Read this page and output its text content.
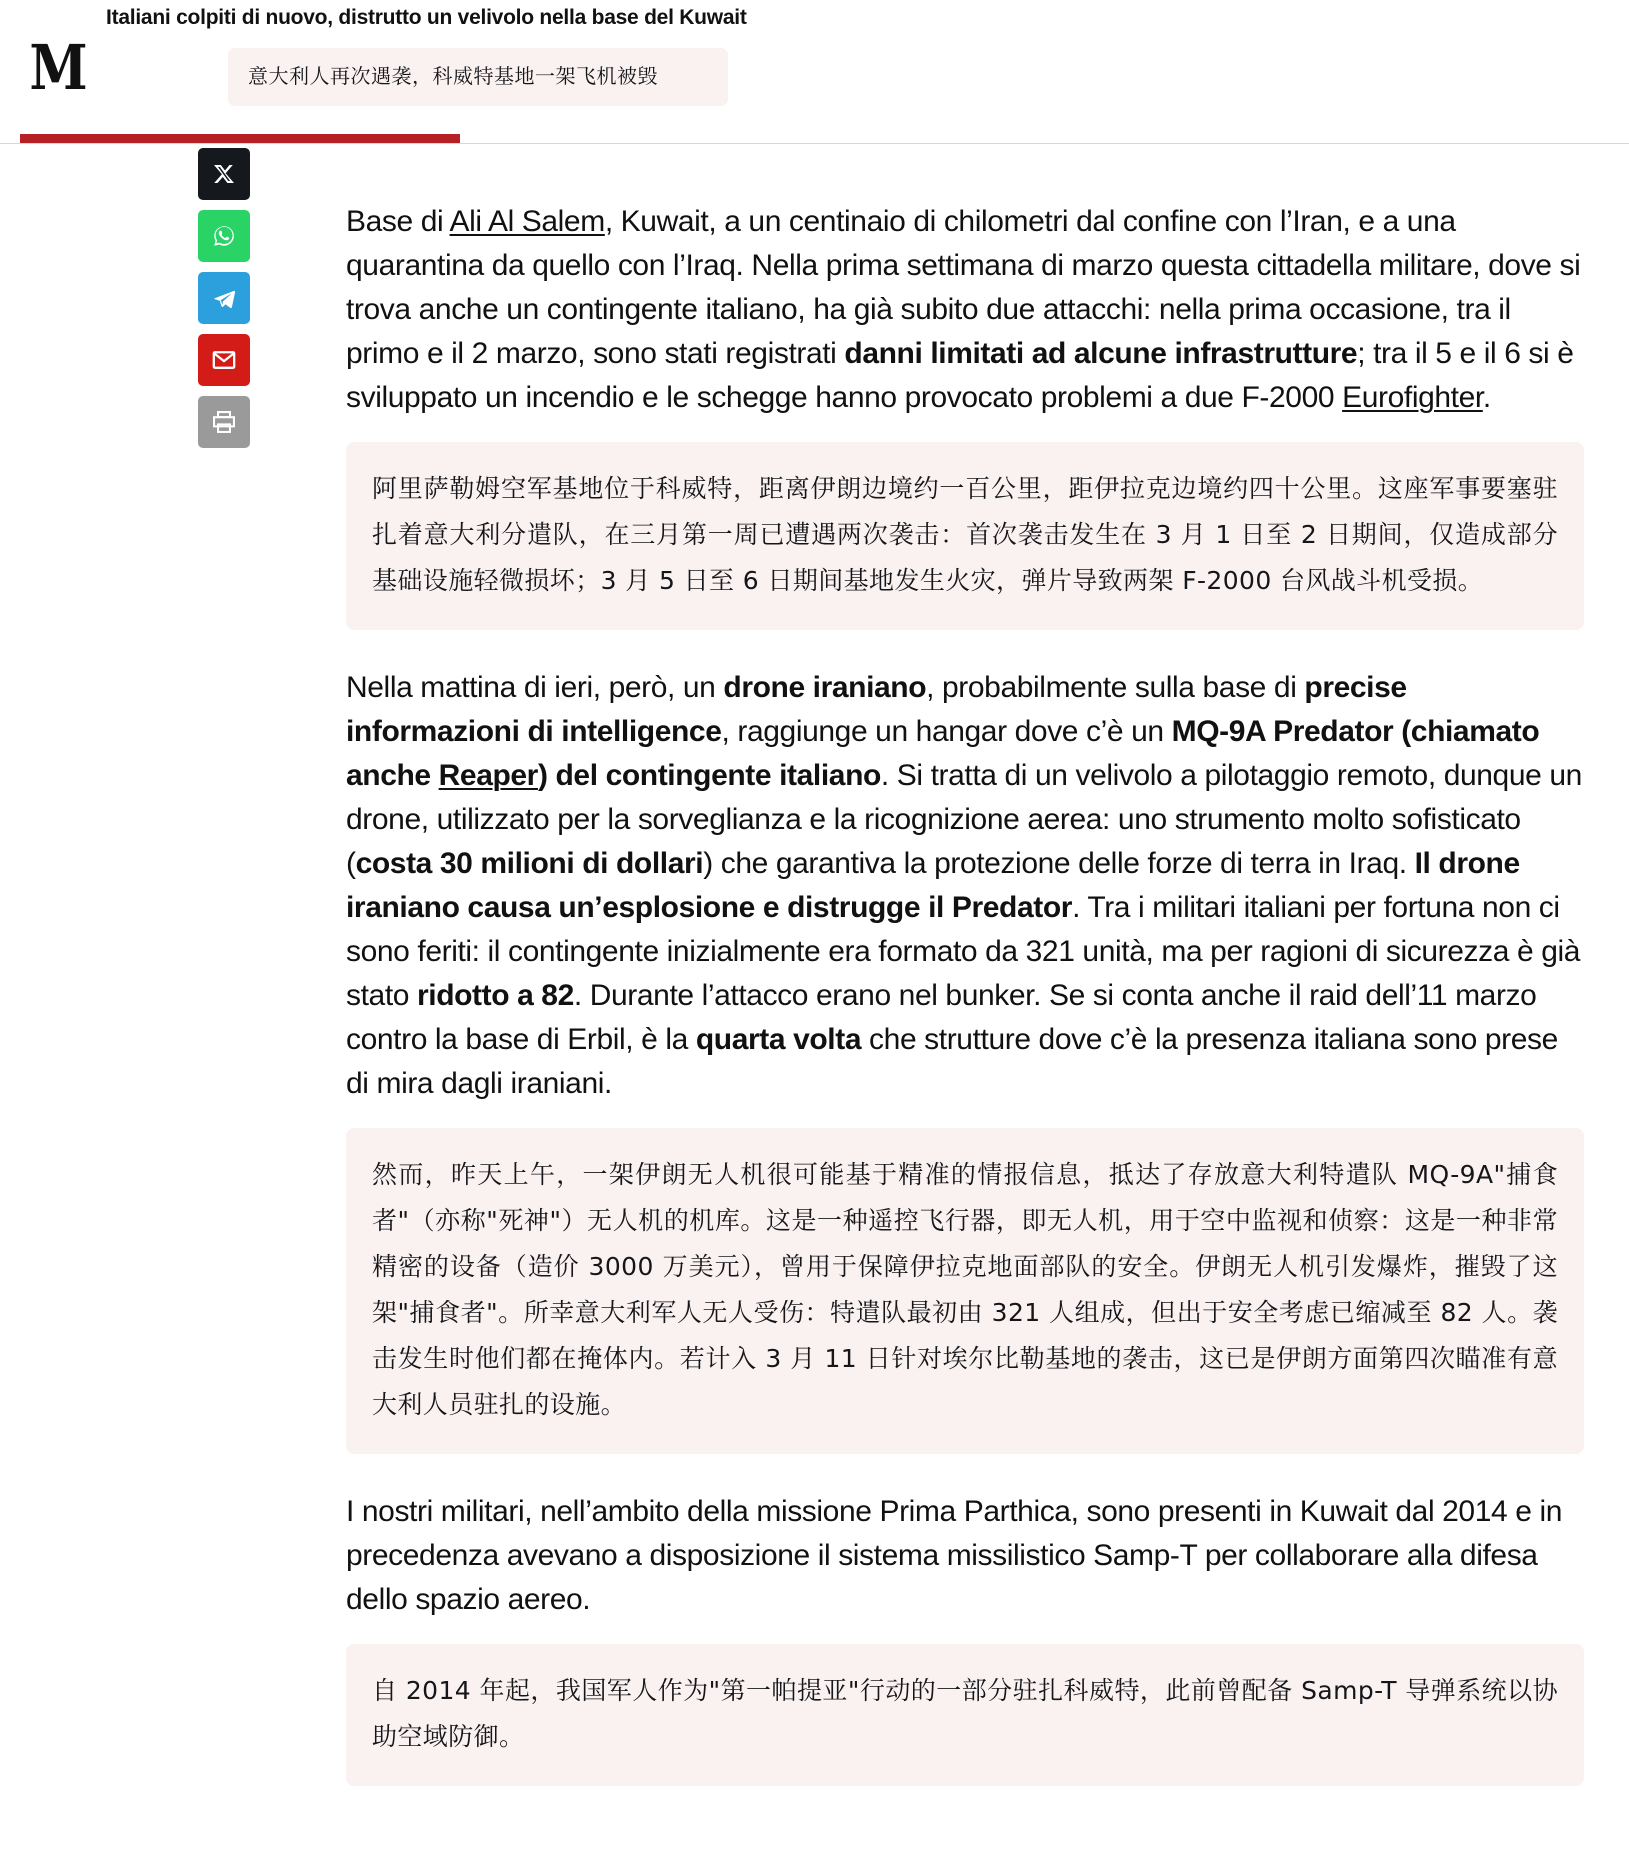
M
Italiani colpiti di nuovo, distrutto un velivolo nella base del Kuwait
意大利人再次遇袭，科威特基地一架飞机被毁

Base di Ali Al Salem, Kuwait, a un centinaio di chilometri dal confine con l’Iran, e a una quarantina da quello con l’Iraq. Nella prima settimana di marzo questa cittadella militare, dove si trova anche un contingente italiano, ha già subito due attacchi: nella prima occasione, tra il primo e il 2 marzo, sono stati registrati danni limitati ad alcune infrastrutture; tra il 5 e il 6 si è sviluppato un incendio e le schegge hanno provocato problemi a due F-2000 Eurofighter.

阿里萨勒姆空军基地位于科威特，距离伊朗边境约一百公里，距伊拉克边境约四十公里。这座军事要塞驻扎着意大利分遣队，在三月第一周已遭遇两次袭击：首次袭击发生在 3 月 1 日至 2 日期间，仅造成部分基础设施轻微损坏；3 月 5 日至 6 日期间基地发生火灾，弹片导致两架 F-2000 台风战斗机受损。

Nella mattina di ieri, però, un drone iraniano, probabilmente sulla base di precise informazioni di intelligence, raggiunge un hangar dove c’è un MQ-9A Predator (chiamato anche Reaper) del contingente italiano. Si tratta di un velivolo a pilotaggio remoto, dunque un drone, utilizzato per la sorveglianza e la ricognizione aerea: uno strumento molto sofisticato (costa 30 milioni di dollari) che garantiva la protezione delle forze di terra in Iraq. Il drone iraniano causa un’esplosione e distrugge il Predator. Tra i militari italiani per fortuna non ci sono feriti: il contingente inizialmente era formato da 321 unità, ma per ragioni di sicurezza è già stato ridotto a 82. Durante l’attacco erano nel bunker. Se si conta anche il raid dell’11 marzo contro la base di Erbil, è la quarta volta che strutture dove c’è la presenza italiana sono prese di mira dagli iraniani.

然而，昨天上午，一架伊朗无人机很可能基于精准的情报信息，抵达了存放意大利特遣队 MQ-9A"捕食者"（亦称"死神"）无人机的机库。这是一种遥控飞行器，即无人机，用于空中监视和侦察：这是一种非常精密的设备（造价 3000 万美元），曾用于保障伊拉克地面部队的安全。伊朗无人机引发爆炸，摧毁了这架"捕食者"。所幸意大利军人无人受伤：特遣队最初由 321 人组成，但出于安全考虑已缩减至 82 人。袭击发生时他们都在掩体内。若计入 3 月 11 日针对埃尔比勒基地的袭击，这已是伊朗方面第四次瞄准有意大利人员驻扎的设施。

I nostri militari, nell’ambito della missione Prima Parthica, sono presenti in Kuwait dal 2014 e in precedenza avevano a disposizione il sistema missilistico Samp-T per collaborare alla difesa dello spazio aereo.

自 2014 年起，我国军人作为"第一帕提亚"行动的一部分驻扎科威特，此前曾配备 Samp-T 导弹系统以协助空域防御。
